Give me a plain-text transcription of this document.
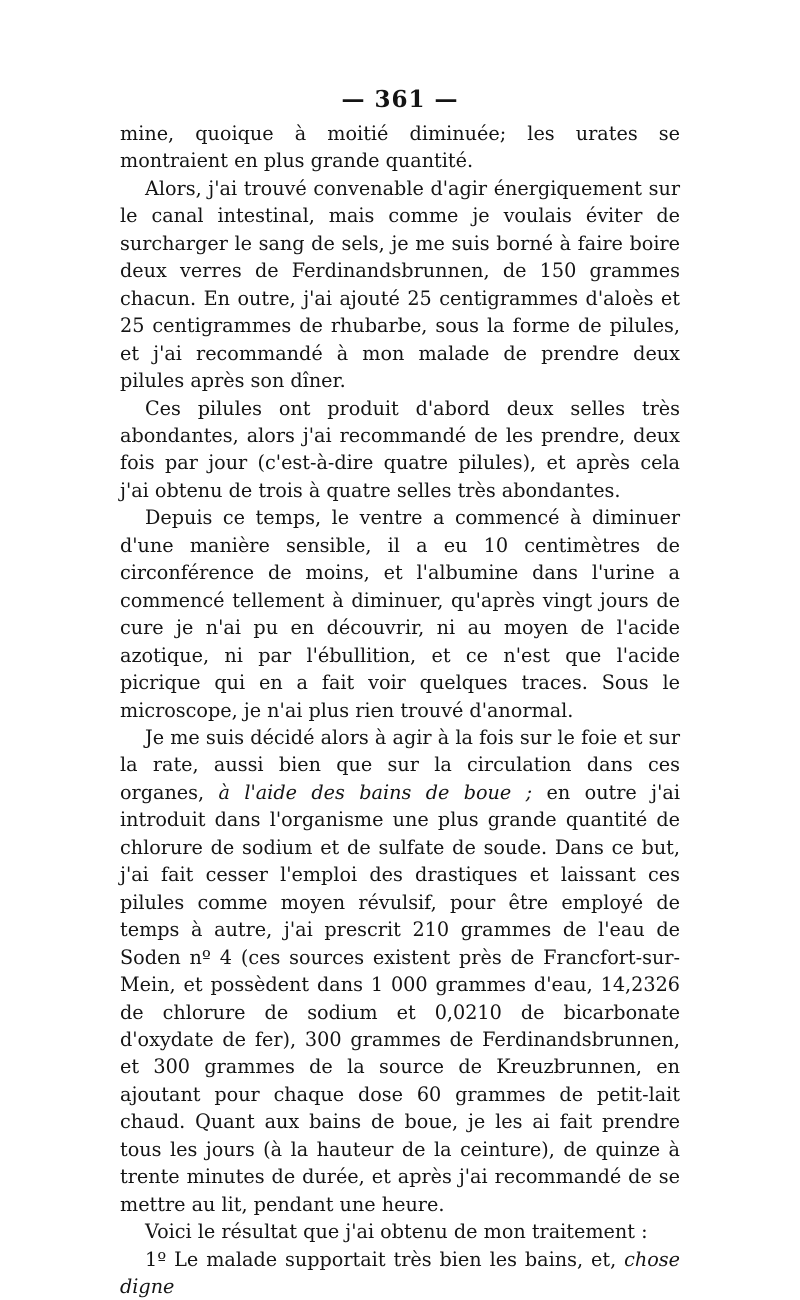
— 361 —

mine, quoique à moitié diminuée; les urates se montraient en plus grande quantité.

Alors, j'ai trouvé convenable d'agir énergiquement sur le canal intestinal, mais comme je voulais éviter de surcharger le sang de sels, je me suis borné à faire boire deux verres de Ferdinandsbrunnen, de 150 grammes chacun. En outre, j'ai ajouté 25 centigrammes d'aloès et 25 centigrammes de rhubarbe, sous la forme de pilules, et j'ai recommandé à mon malade de prendre deux pilules après son dîner.

Ces pilules ont produit d'abord deux selles très abondantes, alors j'ai recommandé de les prendre, deux fois par jour (c'est-à-dire quatre pilules), et après cela j'ai obtenu de trois à quatre selles très abondantes.

Depuis ce temps, le ventre a commencé à diminuer d'une manière sensible, il a eu 10 centimètres de circonférence de moins, et l'albumine dans l'urine a commencé tellement à diminuer, qu'après vingt jours de cure je n'ai pu en découvrir, ni au moyen de l'acide azotique, ni par l'ébullition, et ce n'est que l'acide picrique qui en a fait voir quelques traces. Sous le microscope, je n'ai plus rien trouvé d'anormal.

Je me suis décidé alors à agir à la fois sur le foie et sur la rate, aussi bien que sur la circulation dans ces organes, à l'aide des bains de boue ; en outre j'ai introduit dans l'organisme une plus grande quantité de chlorure de sodium et de sulfate de soude. Dans ce but, j'ai fait cesser l'emploi des drastiques et laissant ces pilules comme moyen révulsif, pour être employé de temps à autre, j'ai prescrit 210 grammes de l'eau de Soden nº 4 (ces sources existent près de Francfort-sur-Mein, et possèdent dans 1 000 grammes d'eau, 14,2326 de chlorure de sodium et 0,0210 de bicarbonate d'oxydate de fer), 300 grammes de Ferdinandsbrunnen, et 300 grammes de la source de Kreuzbrunnen, en ajoutant pour chaque dose 60 grammes de petit-lait chaud. Quant aux bains de boue, je les ai fait prendre tous les jours (à la hauteur de la ceinture), de quinze à trente minutes de durée, et après j'ai recommandé de se mettre au lit, pendant une heure.

Voici le résultat que j'ai obtenu de mon traitement :

1º Le malade supportait très bien les bains, et, chose digne
